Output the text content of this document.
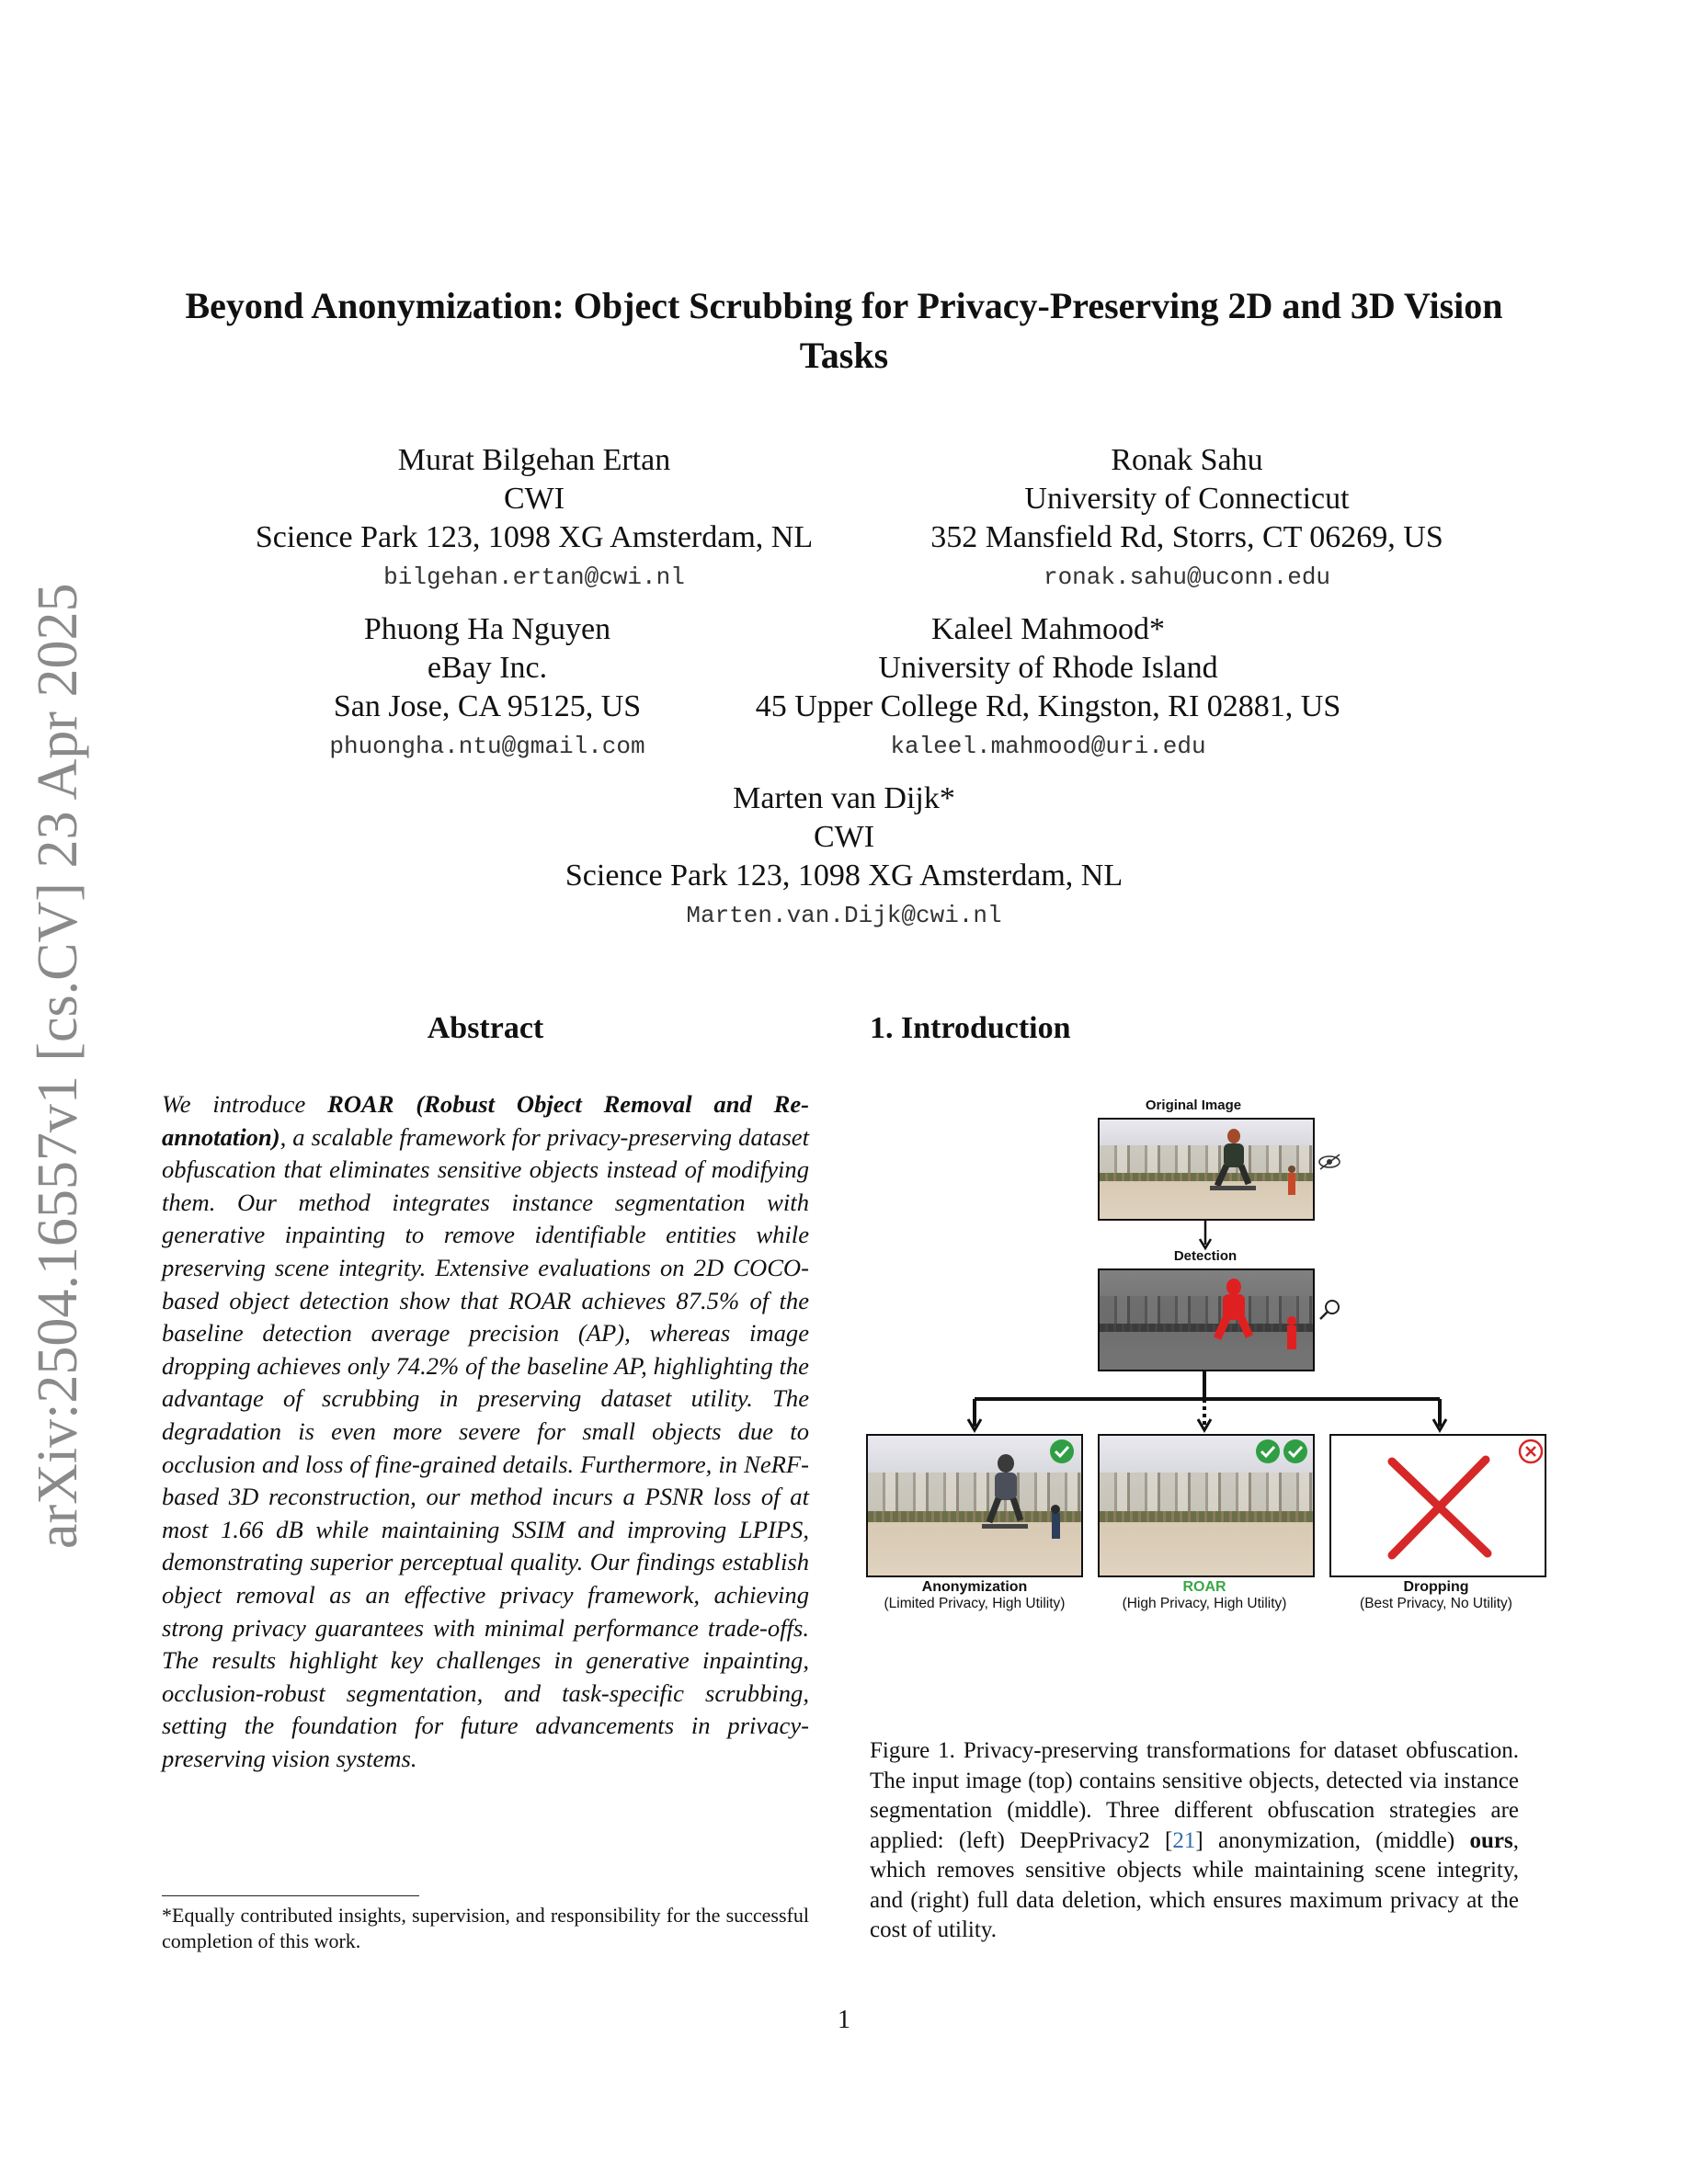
arXiv:2504.16557v1 [cs.CV] 23 Apr 2025
Beyond Anonymization: Object Scrubbing for Privacy-Preserving 2D and 3D Vision Tasks
Murat Bilgehan Ertan
CWI
Science Park 123, 1098 XG Amsterdam, NL
bilgehan.ertan@cwi.nl
Ronak Sahu
University of Connecticut
352 Mansfield Rd, Storrs, CT 06269, US
ronak.sahu@uconn.edu
Phuong Ha Nguyen
eBay Inc.
San Jose, CA 95125, US
phuongha.ntu@gmail.com
Kaleel Mahmood*
University of Rhode Island
45 Upper College Rd, Kingston, RI 02881, US
kaleel.mahmood@uri.edu
Marten van Dijk*
CWI
Science Park 123, 1098 XG Amsterdam, NL
Marten.van.Dijk@cwi.nl
Abstract
We introduce ROAR (Robust Object Removal and Re-annotation), a scalable framework for privacy-preserving dataset obfuscation that eliminates sensitive objects instead of modifying them. Our method integrates instance segmentation with generative inpainting to remove identifiable entities while preserving scene integrity. Extensive evaluations on 2D COCO-based object detection show that ROAR achieves 87.5% of the baseline detection average precision (AP), whereas image dropping achieves only 74.2% of the baseline AP, highlighting the advantage of scrubbing in preserving dataset utility. The degradation is even more severe for small objects due to occlusion and loss of fine-grained details. Furthermore, in NeRF-based 3D reconstruction, our method incurs a PSNR loss of at most 1.66 dB while maintaining SSIM and improving LPIPS, demonstrating superior perceptual quality. Our findings establish object removal as an effective privacy framework, achieving strong privacy guarantees with minimal performance trade-offs. The results highlight key challenges in generative inpainting, occlusion-robust segmentation, and task-specific scrubbing, setting the foundation for future advancements in privacy-preserving vision systems.
*Equally contributed insights, supervision, and responsibility for the successful completion of this work.
1. Introduction
Original Image
Detection
Anonymization
(Limited Privacy, High Utility)
ROAR
(High Privacy, High Utility)
Dropping
(Best Privacy, No Utility)
Figure 1. Privacy-preserving transformations for dataset obfuscation. The input image (top) contains sensitive objects, detected via instance segmentation (middle). Three different obfuscation strategies are applied: (left) DeepPrivacy2 [21] anonymization, (middle) ours, which removes sensitive objects while maintaining scene integrity, and (right) full data deletion, which ensures maximum privacy at the cost of utility.
1
